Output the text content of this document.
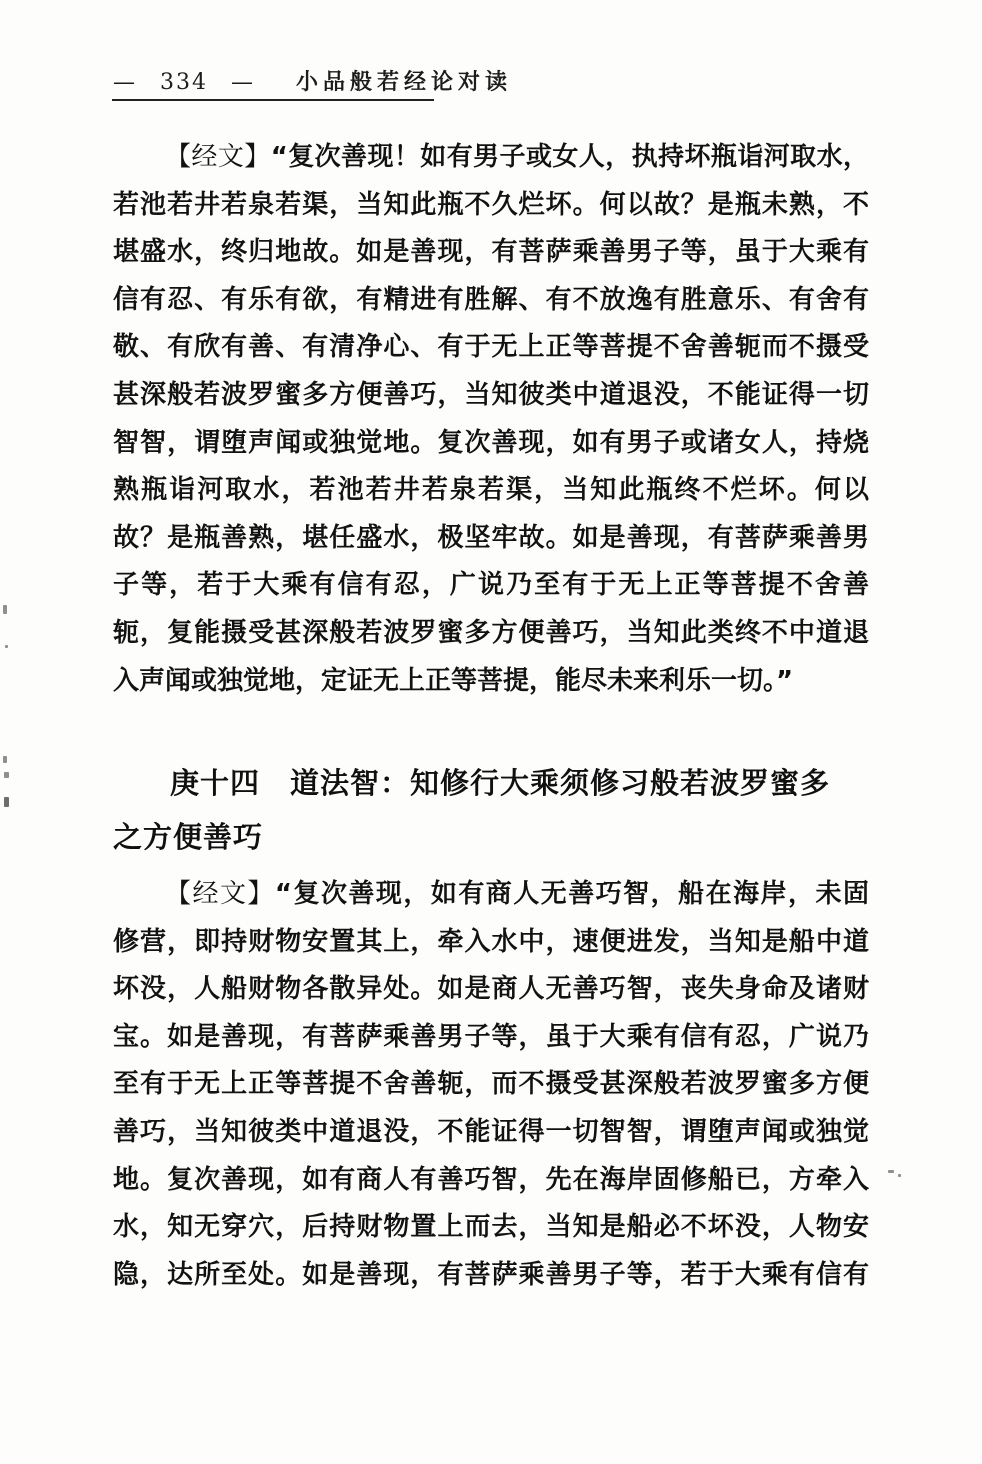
— 334 — 小品般若经论对读
【经文】“复次善现！如有男子或女人，执持坏瓶诣河取水，
若池若井若泉若渠，当知此瓶不久烂坏。何以故？是瓶未熟，不
堪盛水，终归地故。如是善现，有菩萨乘善男子等，虽于大乘有
信有忍、有乐有欲，有精进有胜解、有不放逸有胜意乐、有舍有
敬、有欣有善、有清净心、有于无上正等菩提不舍善轭而不摄受
甚深般若波罗蜜多方便善巧，当知彼类中道退没，不能证得一切
智智，谓堕声闻或独觉地。复次善现，如有男子或诸女人，持烧
熟瓶诣河取水，若池若井若泉若渠，当知此瓶终不烂坏。何以
故？是瓶善熟，堪任盛水，极坚牢故。如是善现，有菩萨乘善男
子等，若于大乘有信有忍，广说乃至有于无上正等菩提不舍善
轭，复能摄受甚深般若波罗蜜多方便善巧，当知此类终不中道退
入声闻或独觉地，定证无上正等菩提，能尽未来利乐一切。”
庚十四　道法智：知修行大乘须修习般若波罗蜜多
之方便善巧
【经文】“复次善现，如有商人无善巧智，船在海岸，未固
修营，即持财物安置其上，牵入水中，速便进发，当知是船中道
坏没，人船财物各散异处。如是商人无善巧智，丧失身命及诸财
宝。如是善现，有菩萨乘善男子等，虽于大乘有信有忍，广说乃
至有于无上正等菩提不舍善轭，而不摄受甚深般若波罗蜜多方便
善巧，当知彼类中道退没，不能证得一切智智，谓堕声闻或独觉
地。复次善现，如有商人有善巧智，先在海岸固修船已，方牵入
水，知无穿穴，后持财物置上而去，当知是船必不坏没，人物安
隐，达所至处。如是善现，有菩萨乘善男子等，若于大乘有信有
